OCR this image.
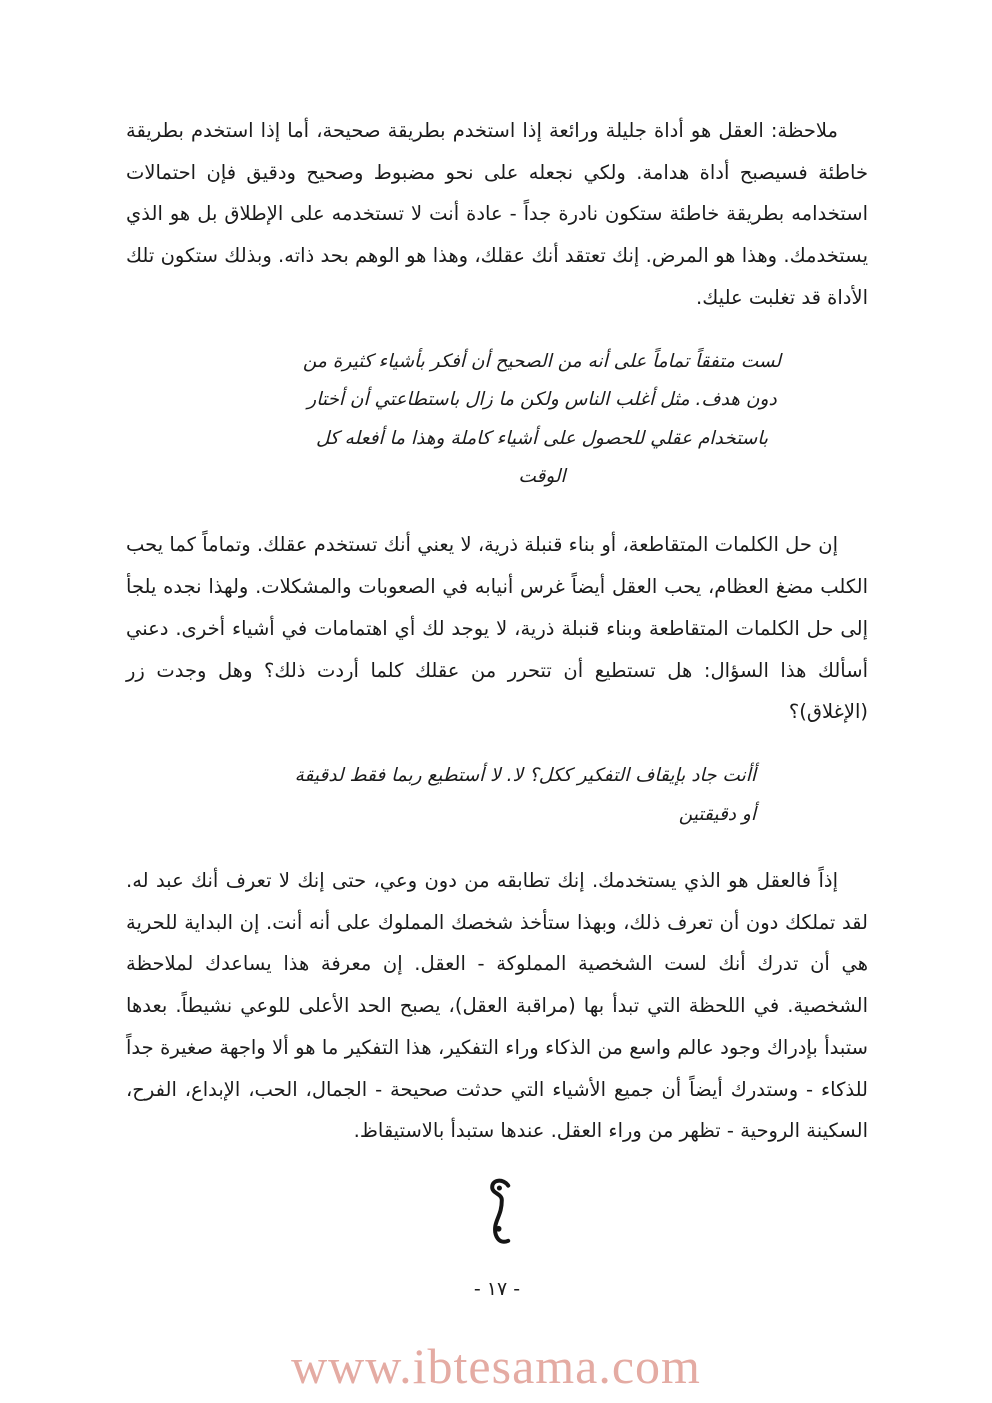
ملاحظة: العقل هو أداة جليلة ورائعة إذا استخدم بطريقة صحيحة، أما إذا استخدم بطريقة خاطئة فسيصبح أداة هدامة. ولكي نجعله على نحو مضبوط وصحيح ودقيق فإن احتمالات استخدامه بطريقة خاطئة ستكون نادرة جداً - عادة أنت لا تستخدمه على الإطلاق بل هو الذي يستخدمك. وهذا هو المرض. إنك تعتقد أنك عقلك، وهذا هو الوهم بحد ذاته. وبذلك ستكون تلك الأداة قد تغلبت عليك.

لست متفقاً تماماً على أنه من الصحيح أن أفكر بأشياء كثيرة من دون هدف. مثل أغلب الناس ولكن ما زال باستطاعتي أن أختار باستخدام عقلي للحصول على أشياء كاملة وهذا ما أفعله كل الوقت

إن حل الكلمات المتقاطعة، أو بناء قنبلة ذرية، لا يعني أنك تستخدم عقلك. وتماماً كما يحب الكلب مضغ العظام، يحب العقل أيضاً غرس أنيابه في الصعوبات والمشكلات. ولهذا نجده يلجأ إلى حل الكلمات المتقاطعة وبناء قنبلة ذرية، لا يوجد لك أي اهتمامات في أشياء أخرى. دعني أسألك هذا السؤال: هل تستطيع أن تتحرر من عقلك كلما أردت ذلك؟ وهل وجدت زر (الإغلاق)؟

أأنت جاد بإيقاف التفكير ككل؟ لا. لا أستطيع ربما فقط لدقيقة أو دقيقتين

إذاً فالعقل هو الذي يستخدمك. إنك تطابقه من دون وعي، حتى إنك لا تعرف أنك عبد له. لقد تملكك دون أن تعرف ذلك، وبهذا ستأخذ شخصك المملوك على أنه أنت. إن البداية للحرية هي أن تدرك أنك لست الشخصية المملوكة - العقل. إن معرفة هذا يساعدك لملاحظة الشخصية. في اللحظة التي تبدأ بها (مراقبة العقل)، يصبح الحد الأعلى للوعي نشيطاً. بعدها ستبدأ بإدراك وجود عالم واسع من الذكاء وراء التفكير، هذا التفكير ما هو ألا واجهة صغيرة جداً للذكاء - وستدرك أيضاً أن جميع الأشياء التي حدثت صحيحة - الجمال، الحب، الإبداع، الفرح، السكينة الروحية - تظهر من وراء العقل. عندها ستبدأ بالاستيقاظ.

- ١٧ -
www.ibtesama.com
